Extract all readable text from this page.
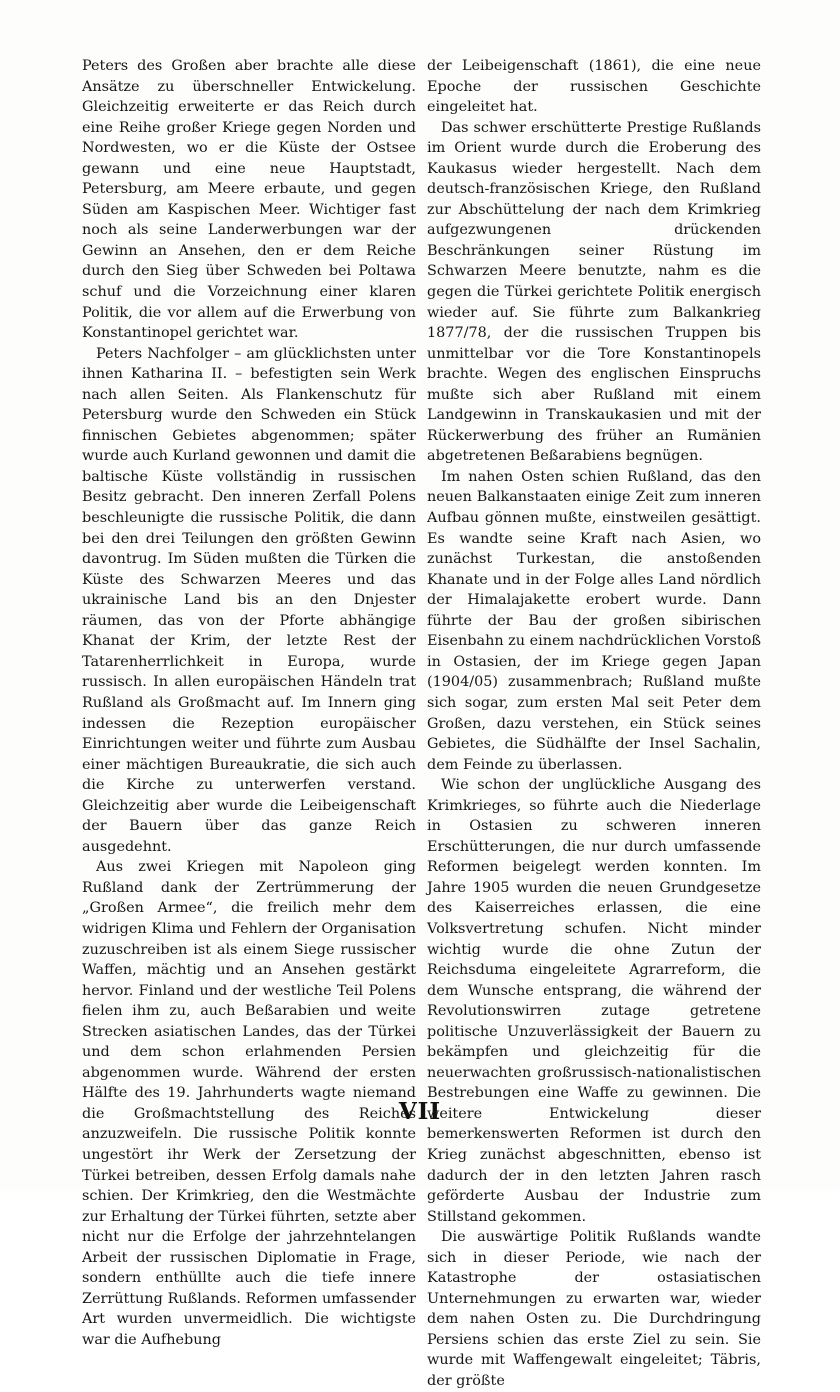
Peters des Großen aber brachte alle diese Ansätze zu überschneller Entwickelung. Gleichzeitig erweiterte er das Reich durch eine Reihe großer Kriege gegen Norden und Nordwesten, wo er die Küste der Ostsee gewann und eine neue Hauptstadt, Petersburg, am Meere erbaute, und gegen Süden am Kaspischen Meer. Wichtiger fast noch als seine Landerwerbungen war der Gewinn an Ansehen, den er dem Reiche durch den Sieg über Schweden bei Poltawa schuf und die Vorzeichnung einer klaren Politik, die vor allem auf die Erwerbung von Konstantinopel gerichtet war.

Peters Nachfolger – am glücklichsten unter ihnen Katharina II. – befestigten sein Werk nach allen Seiten. Als Flankenschutz für Petersburg wurde den Schweden ein Stück finnischen Gebietes abgenommen; später wurde auch Kurland gewonnen und damit die baltische Küste vollständig in russischen Besitz gebracht. Den inneren Zerfall Polens beschleunigte die russische Politik, die dann bei den drei Teilungen den größten Gewinn davontrug. Im Süden mußten die Türken die Küste des Schwarzen Meeres und das ukrainische Land bis an den Dnjester räumen, das von der Pforte abhängige Khanat der Krim, der letzte Rest der Tatarenherrlichkeit in Europa, wurde russisch. In allen europäischen Händeln trat Rußland als Großmacht auf. Im Innern ging indessen die Rezeption europäischer Einrichtungen weiter und führte zum Ausbau einer mächtigen Bureaukratie, die sich auch die Kirche zu unterwerfen verstand. Gleichzeitig aber wurde die Leibeigenschaft der Bauern über das ganze Reich ausgedehnt.

Aus zwei Kriegen mit Napoleon ging Rußland dank der Zertrümmerung der „Großen Armee“, die freilich mehr dem widrigen Klima und Fehlern der Organisation zuzuschreiben ist als einem Siege russischer Waffen, mächtig und an Ansehen gestärkt hervor. Finland und der westliche Teil Polens fielen ihm zu, auch Beßarabien und weite Strecken asiatischen Landes, das der Türkei und dem schon erlahmenden Persien abgenommen wurde. Während der ersten Hälfte des 19. Jahrhunderts wagte niemand die Großmachtstellung des Reiches anzuzweifeln. Die russische Politik konnte ungestört ihr Werk der Zersetzung der Türkei betreiben, dessen Erfolg damals nahe schien. Der Krimkrieg, den die Westmächte zur Erhaltung der Türkei führten, setzte aber nicht nur die Erfolge der jahrzehntelangen Arbeit der russischen Diplomatie in Frage, sondern enthüllte auch die tiefe innere Zerrüttung Rußlands. Reformen umfassender Art wurden unvermeidlich. Die wichtigste war die Aufhebung

der Leibeigenschaft (1861), die eine neue Epoche der russischen Geschichte eingeleitet hat.

Das schwer erschütterte Prestige Rußlands im Orient wurde durch die Eroberung des Kaukasus wieder hergestellt. Nach dem deutsch-französischen Kriege, den Rußland zur Abschüttelung der nach dem Krimkrieg aufgezwungenen drückenden Beschränkungen seiner Rüstung im Schwarzen Meere benutzte, nahm es die gegen die Türkei gerichtete Politik energisch wieder auf. Sie führte zum Balkankrieg 1877/78, der die russischen Truppen bis unmittelbar vor die Tore Konstantinopels brachte. Wegen des englischen Einspruchs mußte sich aber Rußland mit einem Landgewinn in Transkaukasien und mit der Rückerwerbung des früher an Rumänien abgetretenen Beßarabiens begnügen.

Im nahen Osten schien Rußland, das den neuen Balkanstaaten einige Zeit zum inneren Aufbau gönnen mußte, einstweilen gesättigt. Es wandte seine Kraft nach Asien, wo zunächst Turkestan, die anstoßenden Khanate und in der Folge alles Land nördlich der Himalajakette erobert wurde. Dann führte der Bau der großen sibirischen Eisenbahn zu einem nachdrücklichen Vorstoß in Ostasien, der im Kriege gegen Japan (1904/05) zusammenbrach; Rußland mußte sich sogar, zum ersten Mal seit Peter dem Großen, dazu verstehen, ein Stück seines Gebietes, die Südhälfte der Insel Sachalin, dem Feinde zu überlassen.

Wie schon der unglückliche Ausgang des Krimkrieges, so führte auch die Niederlage in Ostasien zu schweren inneren Erschütterungen, die nur durch umfassende Reformen beigelegt werden konnten. Im Jahre 1905 wurden die neuen Grundgesetze des Kaiserreiches erlassen, die eine Volksvertretung schufen. Nicht minder wichtig wurde die ohne Zutun der Reichsduma eingeleitete Agrarreform, die dem Wunsche entsprang, die während der Revolutionswirren zutage getretene politische Unzuverlässigkeit der Bauern zu bekämpfen und gleichzeitig für die neuerwachten großrussisch-nationalistischen Bestrebungen eine Waffe zu gewinnen. Die weitere Entwickelung dieser bemerkenswerten Reformen ist durch den Krieg zunächst abgeschnitten, ebenso ist dadurch der in den letzten Jahren rasch geförderte Ausbau der Industrie zum Stillstand gekommen.

Die auswärtige Politik Rußlands wandte sich in dieser Periode, wie nach der Katastrophe der ostasiatischen Unternehmungen zu erwarten war, wieder dem nahen Osten zu. Die Durchdringung Persiens schien das erste Ziel zu sein. Sie wurde mit Waffengewalt eingeleitet; Täbris, der größte

VII
